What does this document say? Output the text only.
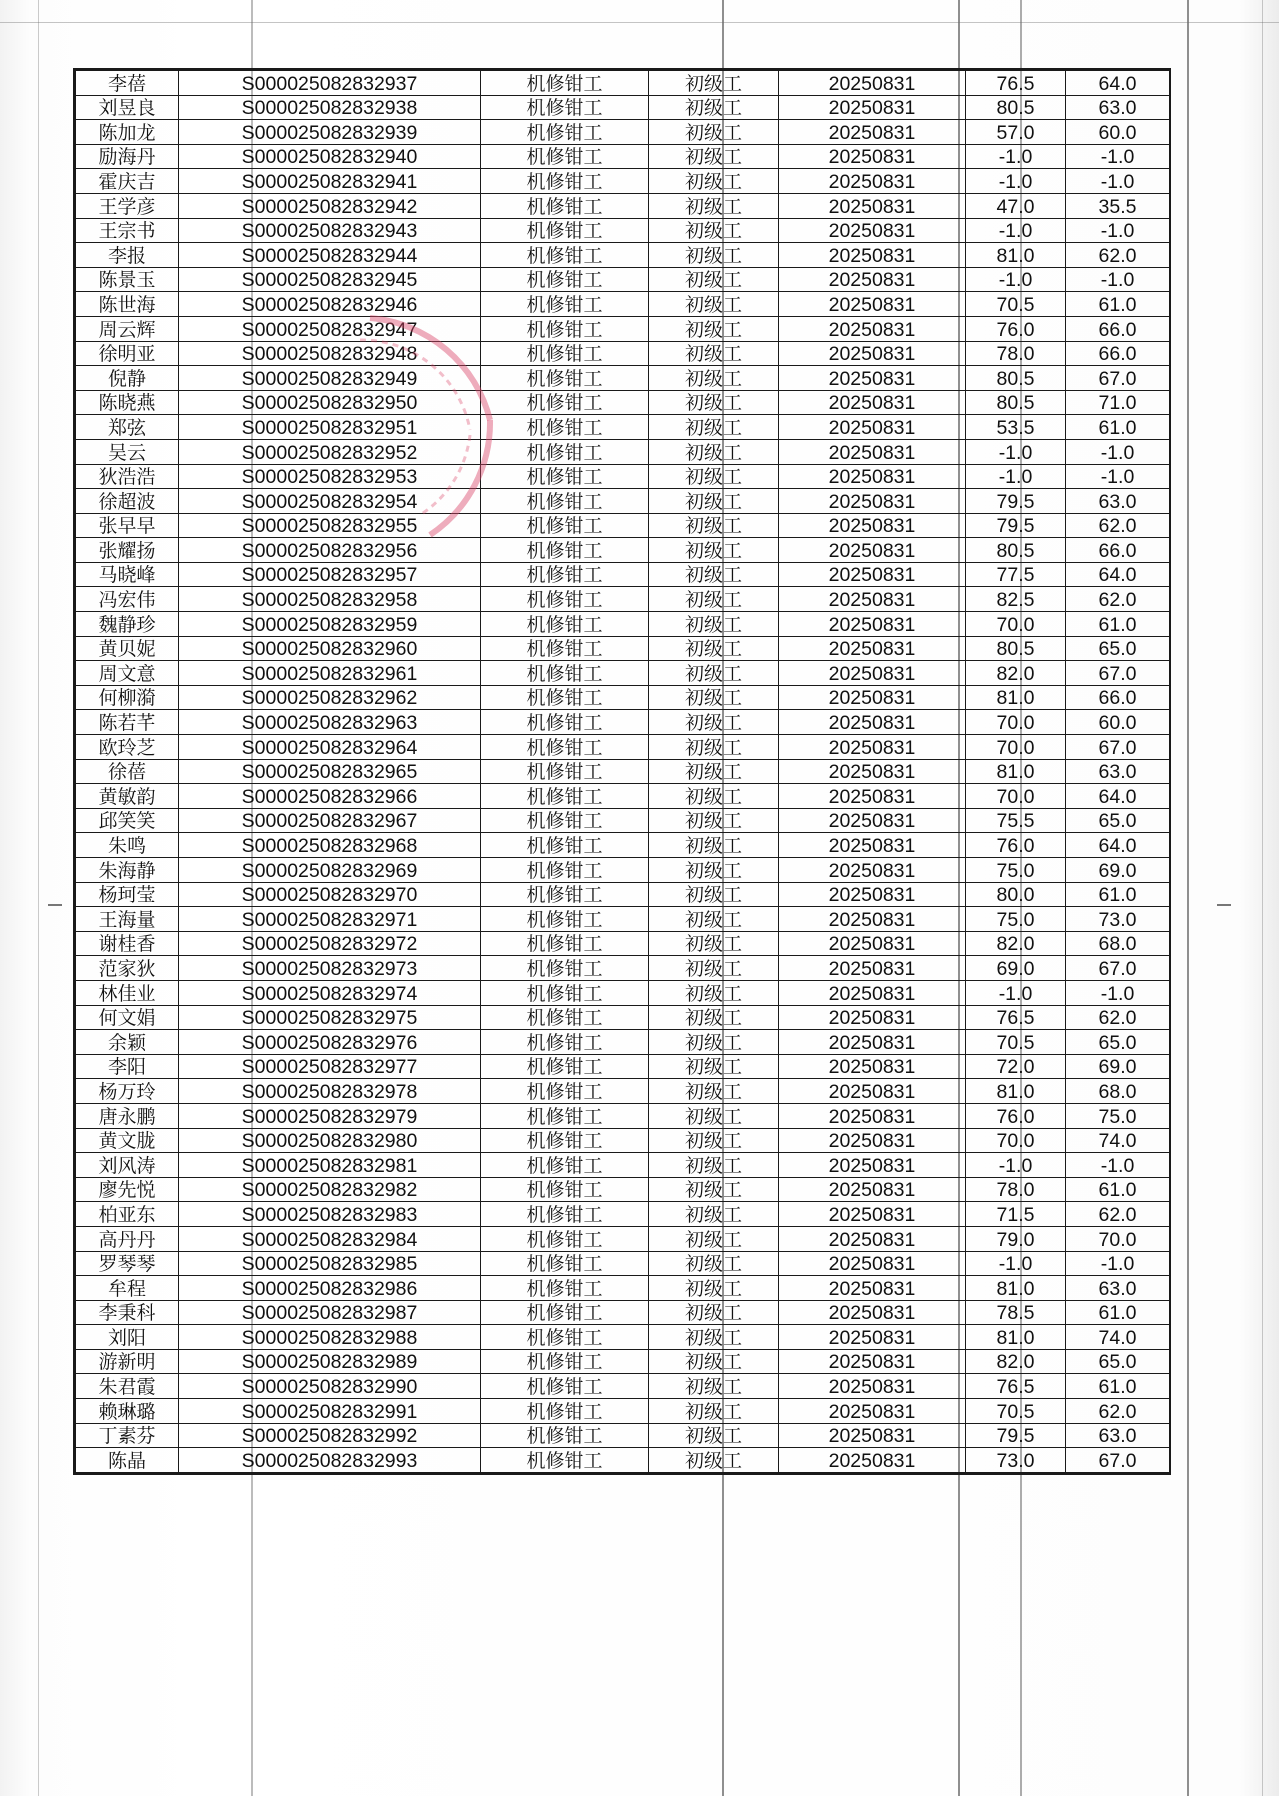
李蓓	S000025082832937	机修钳工	初级工	20250831	76.5	64.0
刘昱良	S000025082832938	机修钳工	初级工	20250831	80.5	63.0
陈加龙	S000025082832939	机修钳工	初级工	20250831	57.0	60.0
励海丹	S000025082832940	机修钳工	初级工	20250831	-1.0	-1.0
霍庆吉	S000025082832941	机修钳工	初级工	20250831	-1.0	-1.0
王学彦	S000025082832942	机修钳工	初级工	20250831	47.0	35.5
王宗书	S000025082832943	机修钳工	初级工	20250831	-1.0	-1.0
李报	S000025082832944	机修钳工	初级工	20250831	81.0	62.0
陈景玉	S000025082832945	机修钳工	初级工	20250831	-1.0	-1.0
陈世海	S000025082832946	机修钳工	初级工	20250831	70.5	61.0
周云辉	S000025082832947	机修钳工	初级工	20250831	76.0	66.0
徐明亚	S000025082832948	机修钳工	初级工	20250831	78.0	66.0
倪静	S000025082832949	机修钳工	初级工	20250831	80.5	67.0
陈晓燕	S000025082832950	机修钳工	初级工	20250831	80.5	71.0
郑弦	S000025082832951	机修钳工	初级工	20250831	53.5	61.0
吴云	S000025082832952	机修钳工	初级工	20250831	-1.0	-1.0
狄浩浩	S000025082832953	机修钳工	初级工	20250831	-1.0	-1.0
徐超波	S000025082832954	机修钳工	初级工	20250831	79.5	63.0
张早早	S000025082832955	机修钳工	初级工	20250831	79.5	62.0
张耀扬	S000025082832956	机修钳工	初级工	20250831	80.5	66.0
马晓峰	S000025082832957	机修钳工	初级工	20250831	77.5	64.0
冯宏伟	S000025082832958	机修钳工	初级工	20250831	82.5	62.0
魏静珍	S000025082832959	机修钳工	初级工	20250831	70.0	61.0
黄贝妮	S000025082832960	机修钳工	初级工	20250831	80.5	65.0
周文意	S000025082832961	机修钳工	初级工	20250831	82.0	67.0
何柳漪	S000025082832962	机修钳工	初级工	20250831	81.0	66.0
陈若芊	S000025082832963	机修钳工	初级工	20250831	70.0	60.0
欧玲芝	S000025082832964	机修钳工	初级工	20250831	70.0	67.0
徐蓓	S000025082832965	机修钳工	初级工	20250831	81.0	63.0
黄敏韵	S000025082832966	机修钳工	初级工	20250831	70.0	64.0
邱笑笑	S000025082832967	机修钳工	初级工	20250831	75.5	65.0
朱鸣	S000025082832968	机修钳工	初级工	20250831	76.0	64.0
朱海静	S000025082832969	机修钳工	初级工	20250831	75.0	69.0
杨珂莹	S000025082832970	机修钳工	初级工	20250831	80.0	61.0
王海量	S000025082832971	机修钳工	初级工	20250831	75.0	73.0
谢桂香	S000025082832972	机修钳工	初级工	20250831	82.0	68.0
范家狄	S000025082832973	机修钳工	初级工	20250831	69.0	67.0
林佳业	S000025082832974	机修钳工	初级工	20250831	-1.0	-1.0
何文娟	S000025082832975	机修钳工	初级工	20250831	76.5	62.0
余颖	S000025082832976	机修钳工	初级工	20250831	70.5	65.0
李阳	S000025082832977	机修钳工	初级工	20250831	72.0	69.0
杨万玲	S000025082832978	机修钳工	初级工	20250831	81.0	68.0
唐永鹏	S000025082832979	机修钳工	初级工	20250831	76.0	75.0
黄文胧	S000025082832980	机修钳工	初级工	20250831	70.0	74.0
刘风涛	S000025082832981	机修钳工	初级工	20250831	-1.0	-1.0
廖先悦	S000025082832982	机修钳工	初级工	20250831	78.0	61.0
柏亚东	S000025082832983	机修钳工	初级工	20250831	71.5	62.0
高丹丹	S000025082832984	机修钳工	初级工	20250831	79.0	70.0
罗琴琴	S000025082832985	机修钳工	初级工	20250831	-1.0	-1.0
牟程	S000025082832986	机修钳工	初级工	20250831	81.0	63.0
李秉科	S000025082832987	机修钳工	初级工	20250831	78.5	61.0
刘阳	S000025082832988	机修钳工	初级工	20250831	81.0	74.0
游新明	S000025082832989	机修钳工	初级工	20250831	82.0	65.0
朱君霞	S000025082832990	机修钳工	初级工	20250831	76.5	61.0
赖琳璐	S000025082832991	机修钳工	初级工	20250831	70.5	62.0
丁素芬	S000025082832992	机修钳工	初级工	20250831	79.5	63.0
陈晶	S000025082832993	机修钳工	初级工	20250831	73.0	67.0
